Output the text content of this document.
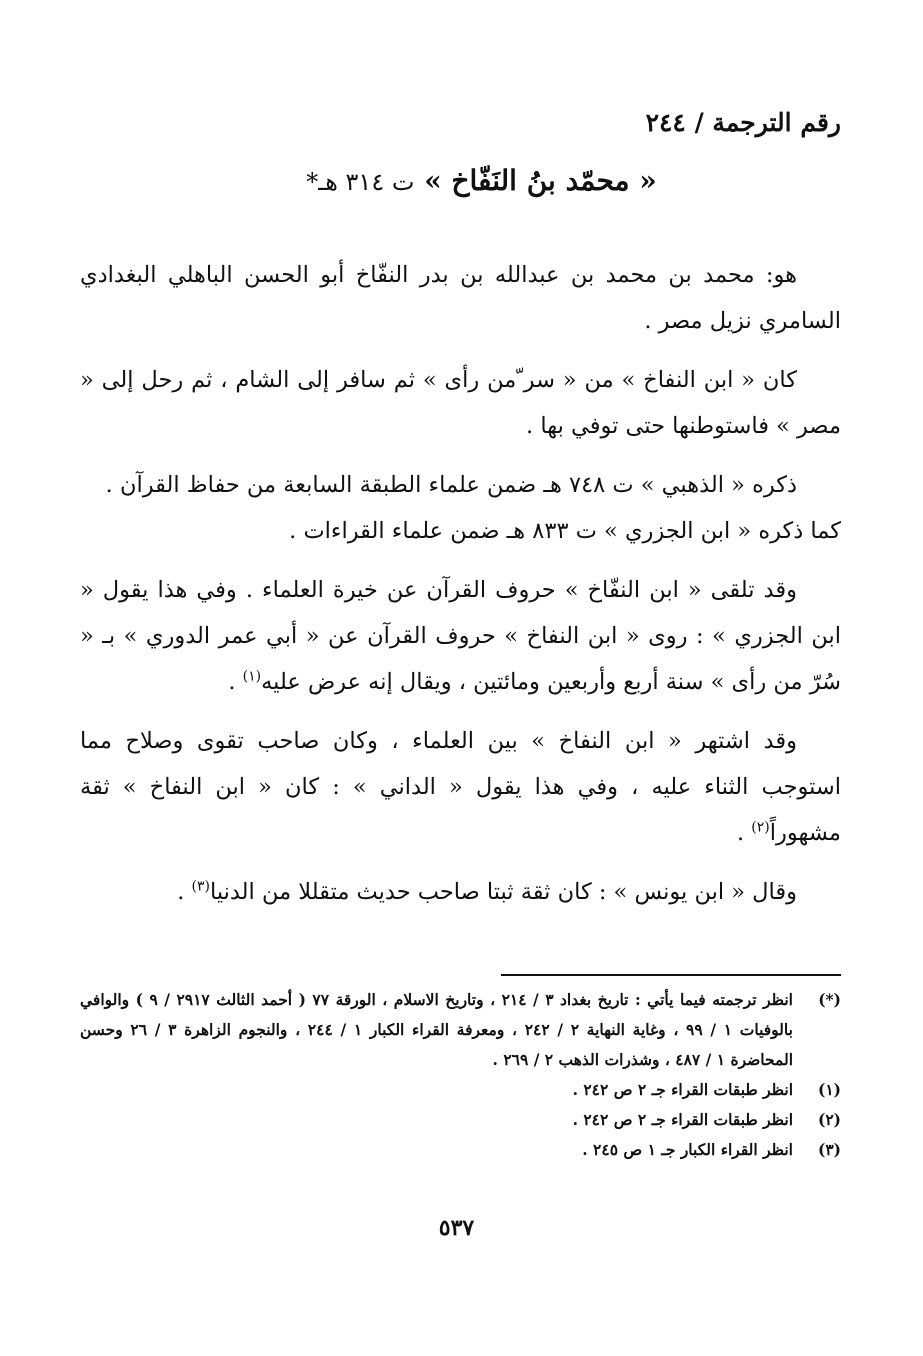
رقم الترجمة / ٢٤٤
« محمّد بنُ النَفّاخ » ت ٣١٤ هـ*

هو: محمد بن محمد بن عبدالله بن بدر النفّاخ أبو الحسن الباهلي البغدادي السامري نزيل مصر .

كان « ابن النفاخ » من « سر ّمن رأى » ثم سافر إلى الشام ، ثم رحل إلى « مصر » فاستوطنها حتى توفي بها .

ذكره « الذهبي » ت ٧٤٨ هـ ضمن علماء الطبقة السابعة من حفاظ القرآن .

كما ذكره « ابن الجزري » ت ٨٣٣ هـ ضمن علماء القراءات .

وقد تلقى « ابن النفّاخ » حروف القرآن عن خيرة العلماء . وفي هذا يقول « ابن الجزري » : روى « ابن النفاخ » حروف القرآن عن « أبي عمر الدوري » بـ « سُرّ من رأى » سنة أربع وأربعين ومائتين ، ويقال إنه عرض عليه$^{(١)}$ .

وقد اشتهر « ابن النفاخ » بين العلماء ، وكان صاحب تقوى وصلاح مما استوجب الثناء عليه ، وفي هذا يقول « الداني » : كان « ابن النفاخ » ثقة مشهوراً$^{(٢)}$ .

وقال « ابن يونس » : كان ثقة ثبتا صاحب حديث متقللا من الدنيا$^{(٣)}$ .

(*)
انظر ترجمته فيما يأتي : تاريخ بغداد ٣ / ٢١٤ ، وتاريخ الاسلام ، الورقة ٧٧ ( أحمد الثالث ٢٩١٧ / ٩ ) والوافي بالوفيات ١ / ٩٩ ، وغاية النهاية ٢ / ٢٤٢ ، ومعرفة القراء الكبار ١ / ٢٤٤ ، والنجوم الزاهرة ٣ / ٢٦ وحسن المحاضرة ١ / ٤٨٧ ، وشذرات الذهب ٢ / ٢٦٩ .
(١)
انظر طبقات القراء جـ ٢ ص ٢٤٢ .
(٢)
انظر طبقات القراء جـ ٢ ص ٢٤٢ .
(٣)
انظر القراء الكبار جـ ١ ص ٢٤٥ .
٥٣٧
